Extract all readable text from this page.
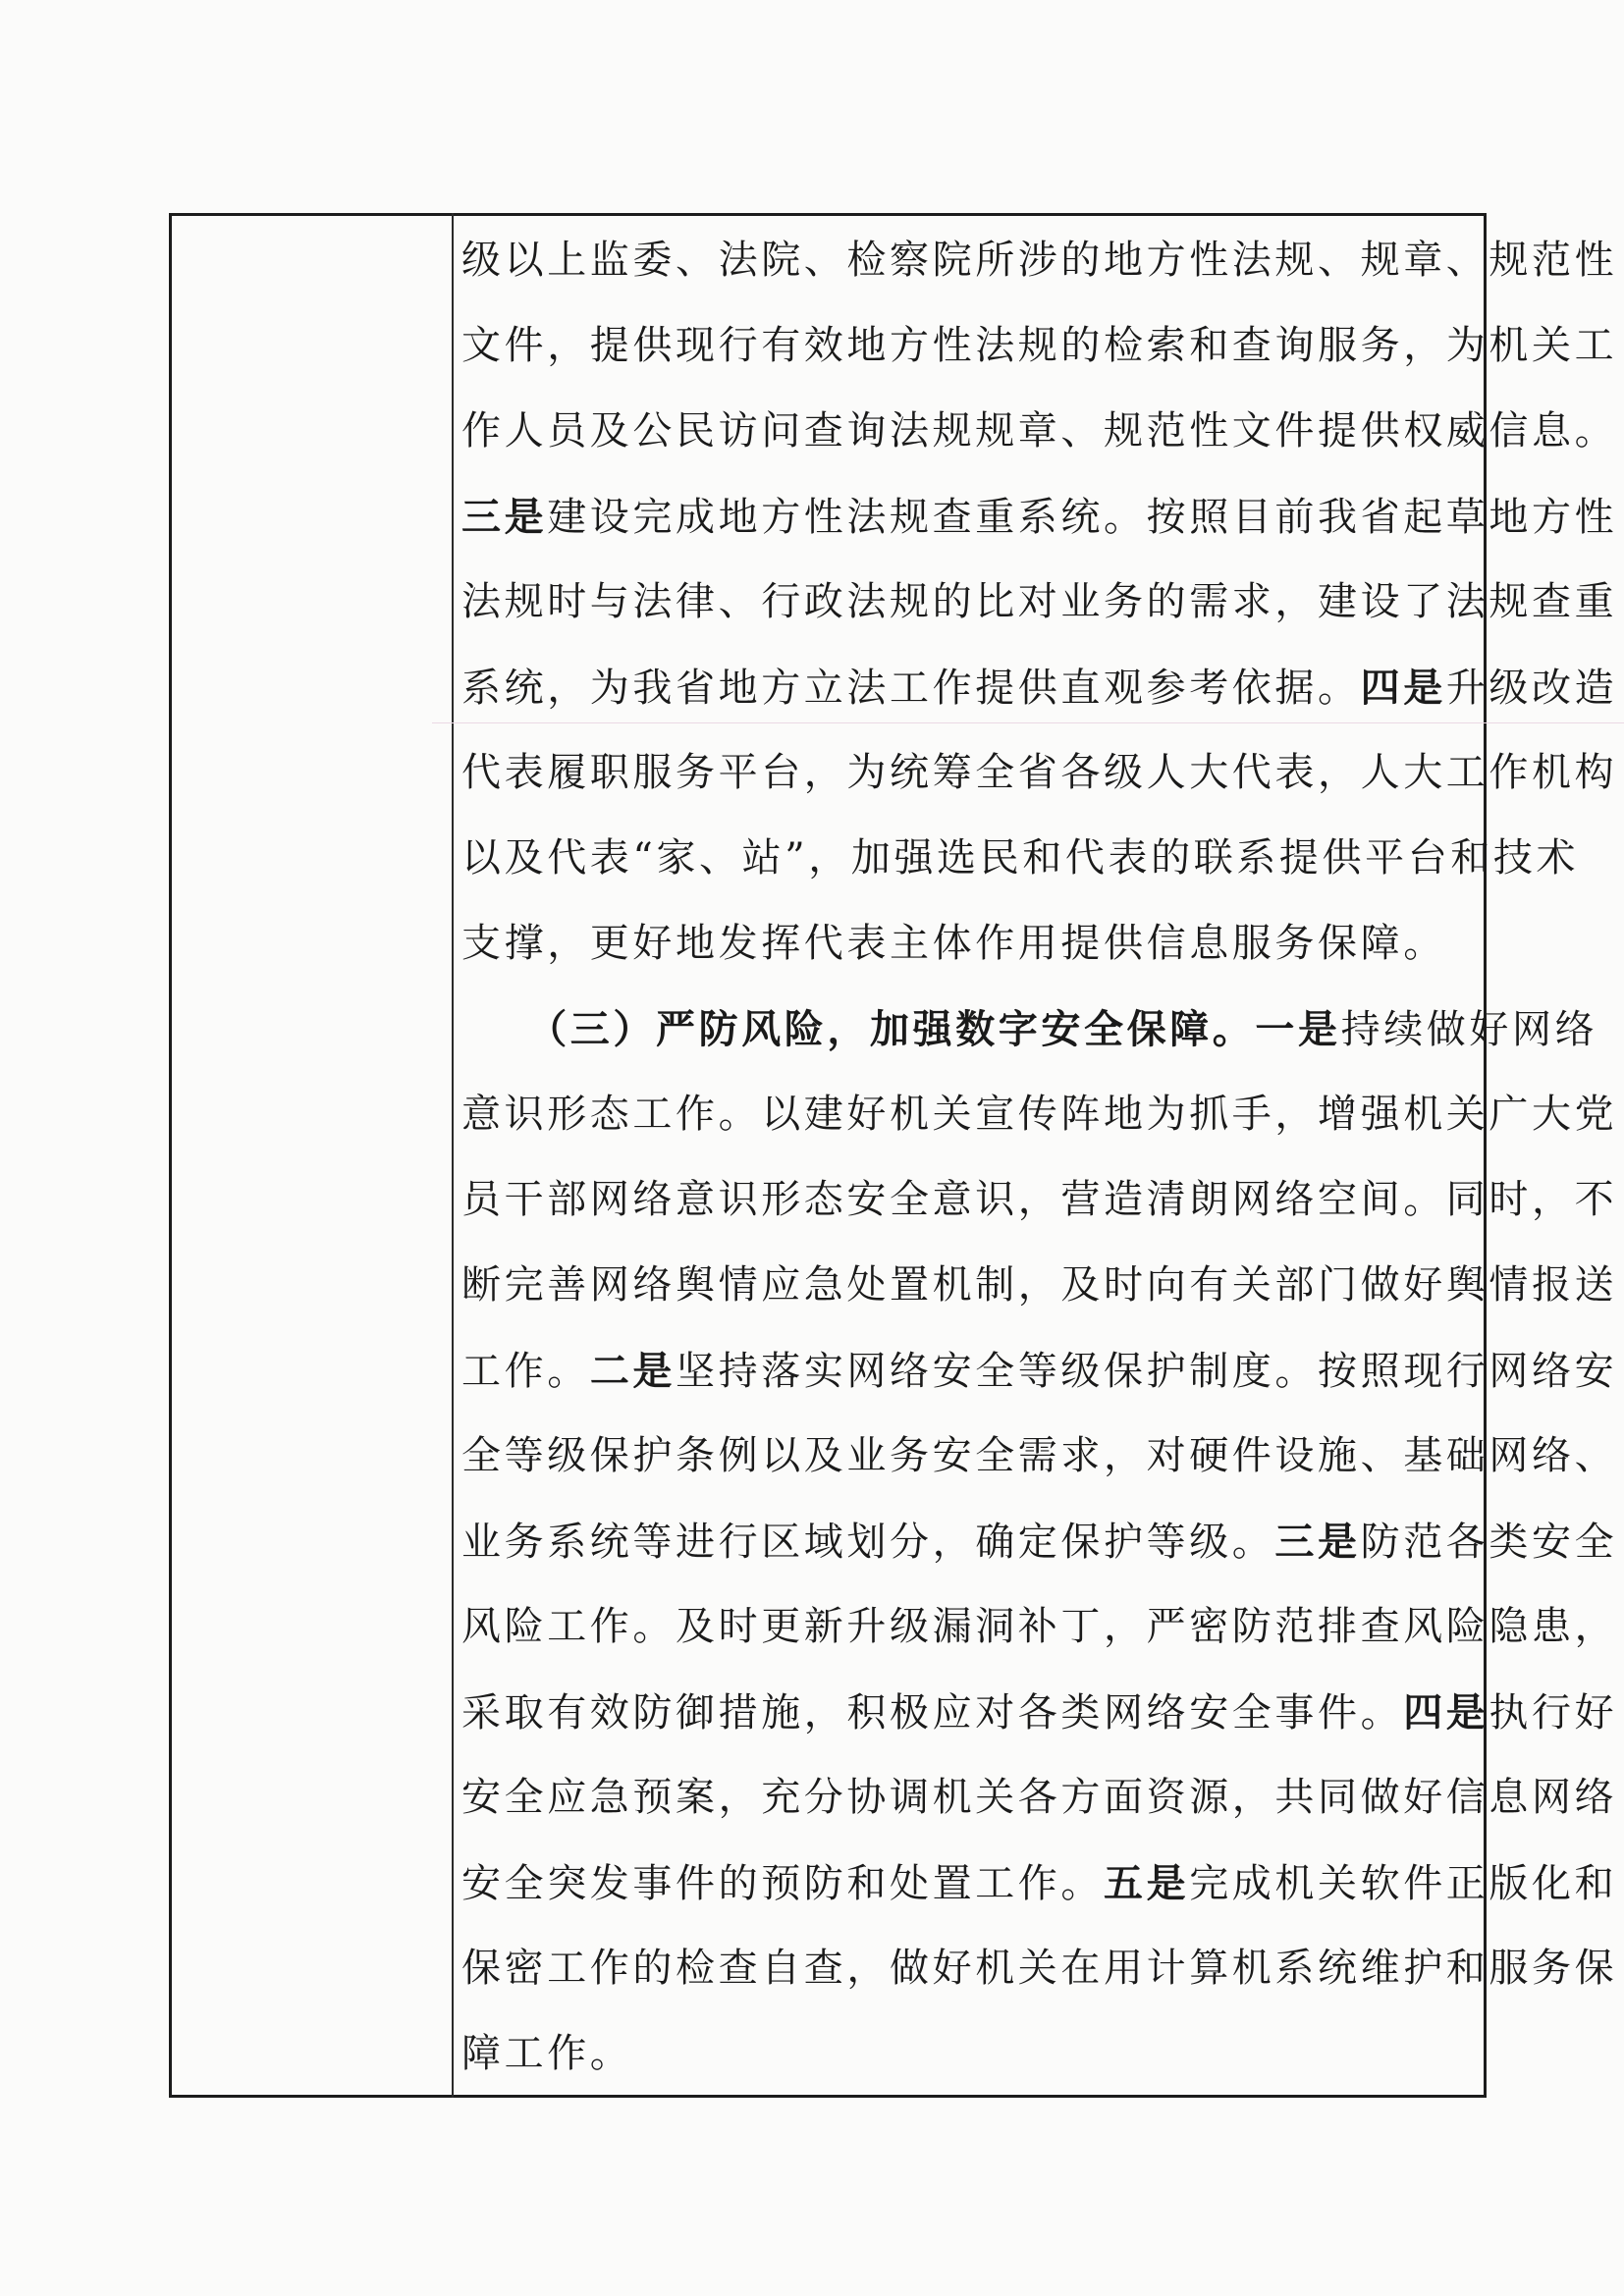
级以上监委、法院、检察院所涉的地方性法规、规章、规范性
文件，提供现行有效地方性法规的检索和查询服务，为机关工
作人员及公民访问查询法规规章、规范性文件提供权威信息。
三是建设完成地方性法规查重系统。按照目前我省起草地方性
法规时与法律、行政法规的比对业务的需求，建设了法规查重
系统，为我省地方立法工作提供直观参考依据。四是升级改造
代表履职服务平台，为统筹全省各级人大代表，人大工作机构
以及代表“家、站”，加强选民和代表的联系提供平台和技术
支撑，更好地发挥代表主体作用提供信息服务保障。
　　（三）严防风险，加强数字安全保障。一是持续做好网络
意识形态工作。以建好机关宣传阵地为抓手，增强机关广大党
员干部网络意识形态安全意识，营造清朗网络空间。同时，不
断完善网络舆情应急处置机制，及时向有关部门做好舆情报送
工作。二是坚持落实网络安全等级保护制度。按照现行网络安
全等级保护条例以及业务安全需求，对硬件设施、基础网络、
业务系统等进行区域划分，确定保护等级。三是防范各类安全
风险工作。及时更新升级漏洞补丁，严密防范排查风险隐患，
采取有效防御措施，积极应对各类网络安全事件。四是执行好
安全应急预案，充分协调机关各方面资源，共同做好信息网络
安全突发事件的预防和处置工作。五是完成机关软件正版化和
保密工作的检查自查，做好机关在用计算机系统维护和服务保
障工作。
